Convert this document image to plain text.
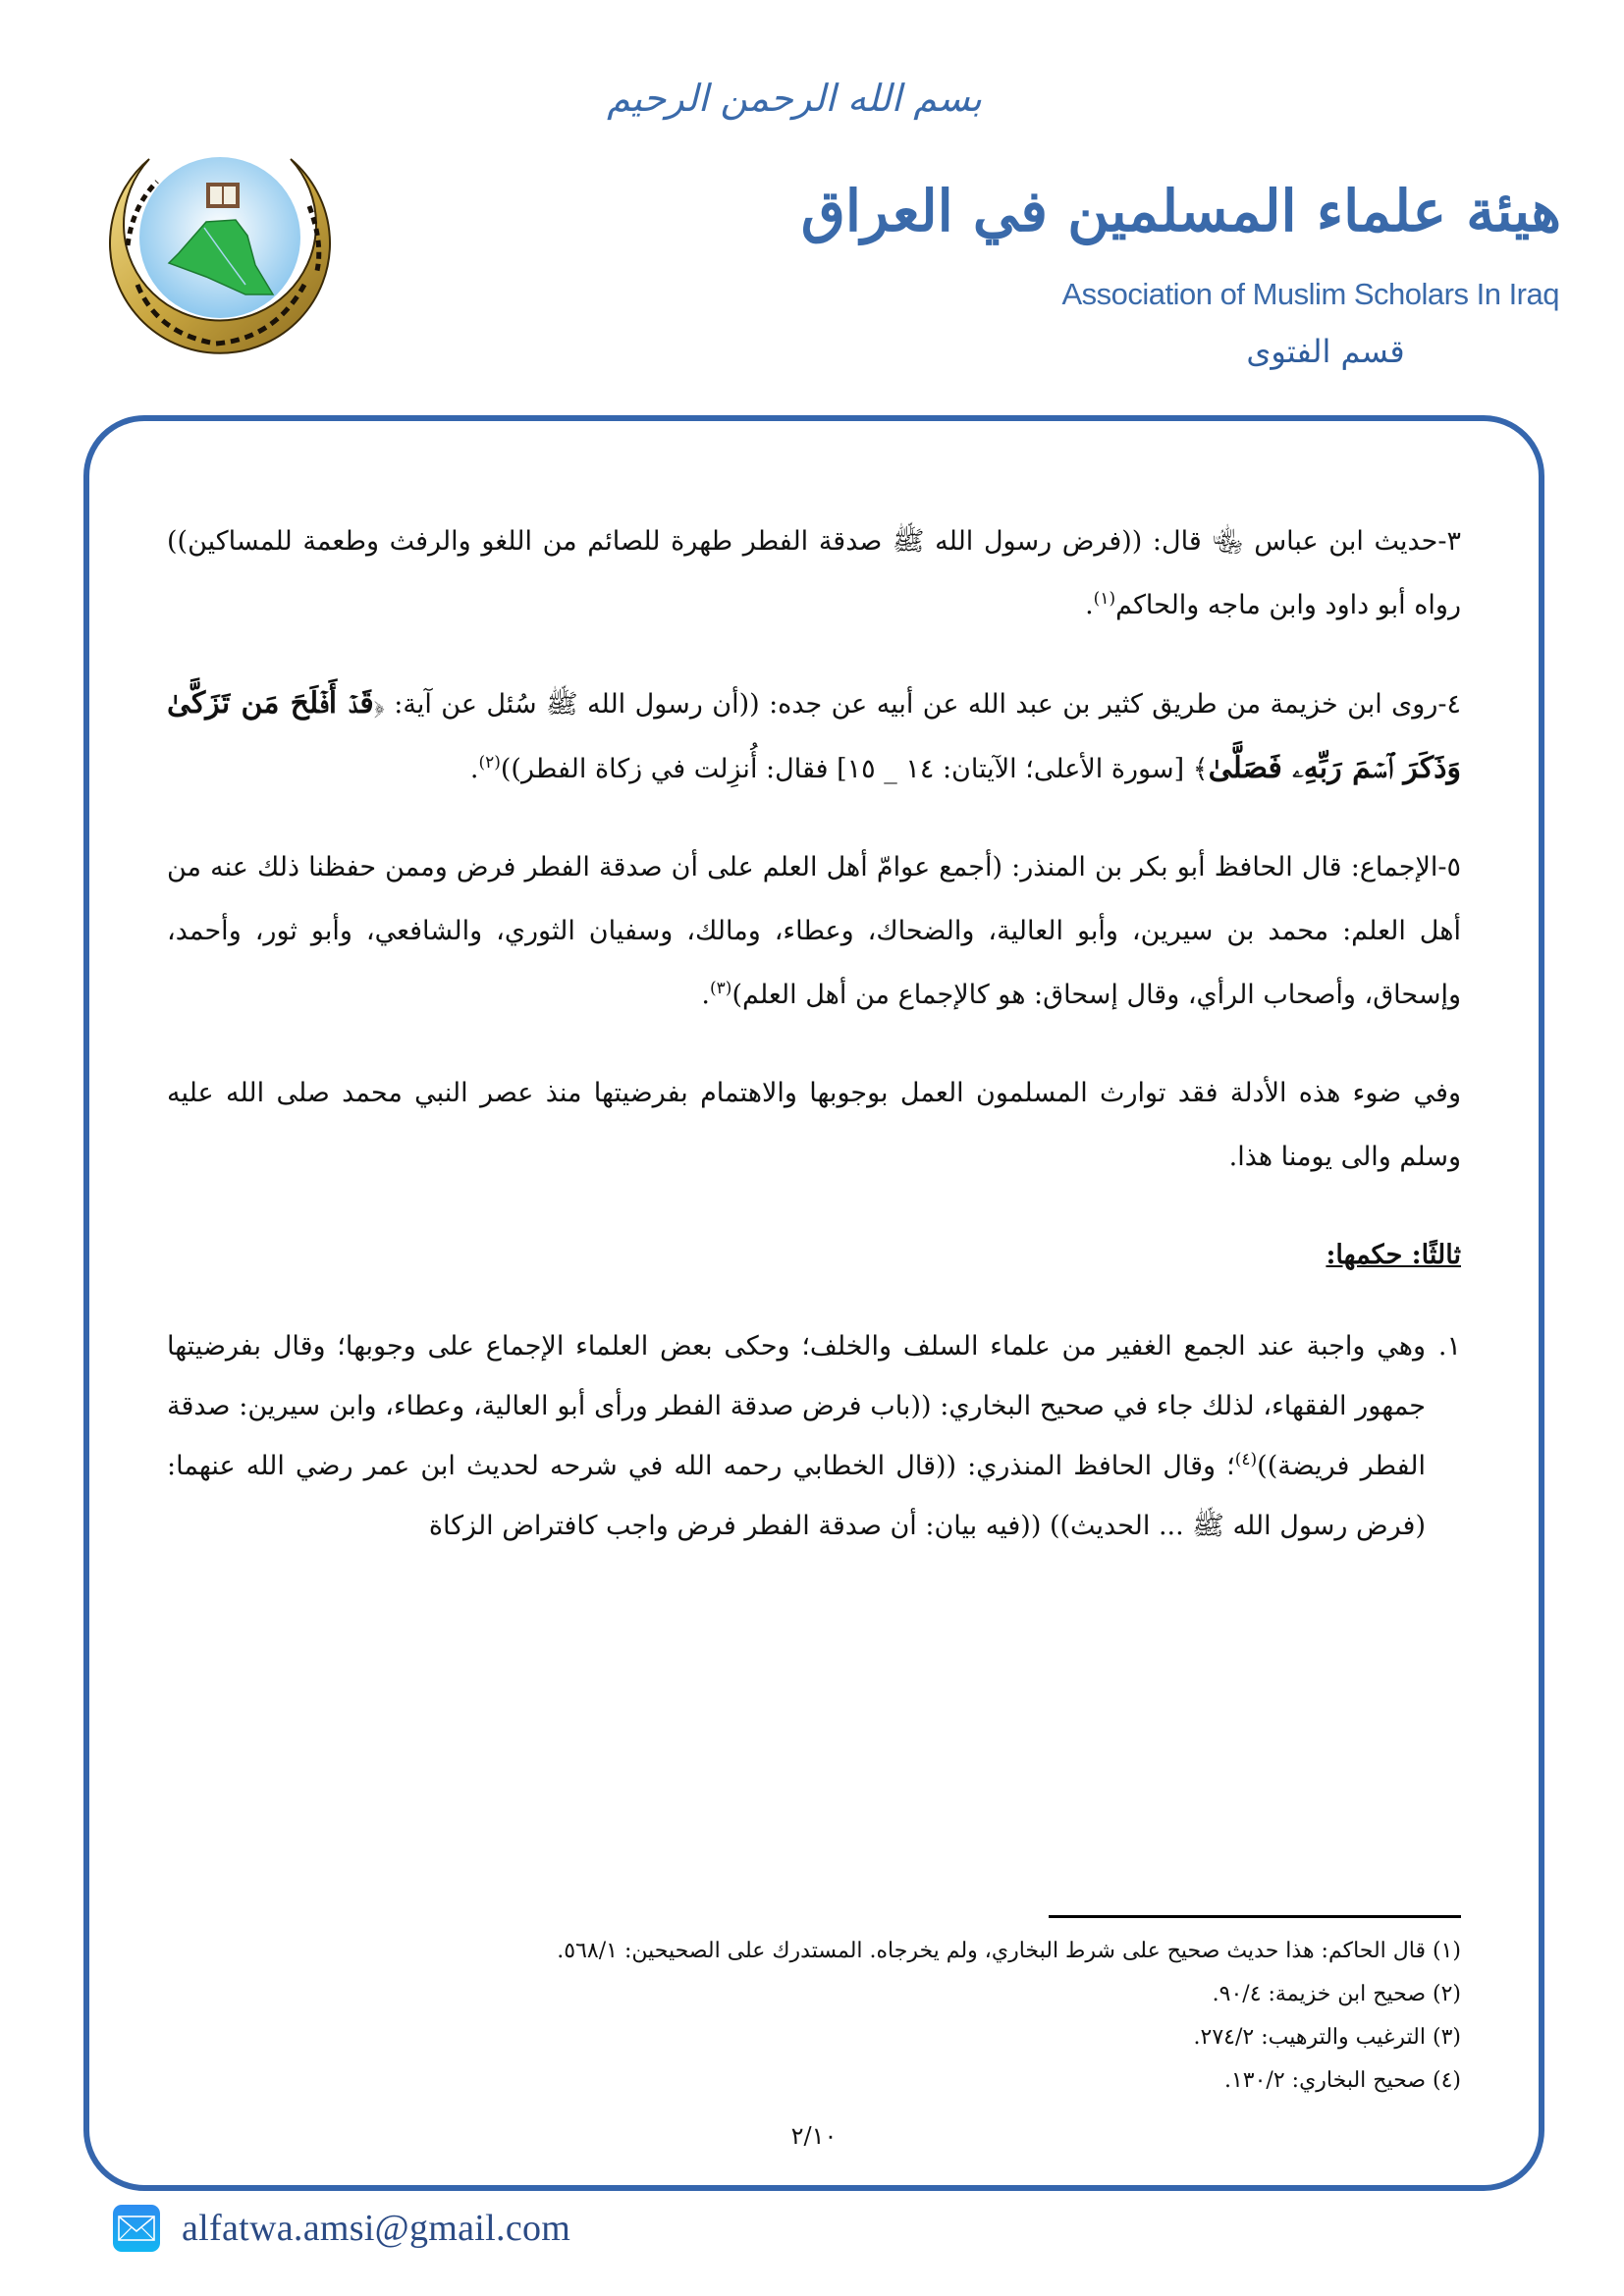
بسم الله الرحمن الرحيم
هيئة علماء المسلمين في العراق
Association of Muslim Scholars In Iraq
قسم الفتوى

٣-حديث ابن عباس ﵄ قال: ((فرض رسول الله ﷺ صدقة الفطر طهرة للصائم من اللغو والرفث وطعمة للمساكين)) رواه أبو داود وابن ماجه والحاكم$^{(١)}$.

٤-روى ابن خزيمة من طريق كثير بن عبد الله عن أبيه عن جده: ((أن رسول الله ﷺ سُئل عن آية: ﴿قَدۡ أَفۡلَحَ مَن تَزَكَّىٰ وَذَكَرَ ٱسۡمَ رَبِّهِۦ فَصَلَّىٰ﴾ [سورة الأعلى؛ الآيتان: ١٤ _ ١٥] فقال: أُنزِلت في زكاة الفطر))$^{(٢)}$.

٥-الإجماع: قال الحافظ أبو بكر بن المنذر: (أجمع عوامّ أهل العلم على أن صدقة الفطر فرض وممن حفظنا ذلك عنه من أهل العلم: محمد بن سيرين، وأبو العالية، والضحاك، وعطاء، ومالك، وسفيان الثوري، والشافعي، وأبو ثور، وأحمد، وإسحاق، وأصحاب الرأي، وقال إسحاق: هو كالإجماع من أهل العلم)$^{(٣)}$.

وفي ضوء هذه الأدلة فقد توارث المسلمون العمل بوجوبها والاهتمام بفرضيتها منذ عصر النبي محمد صلى الله عليه وسلم والى يومنا هذا.

ثالثًا: حكمها:

١.
وهي واجبة عند الجمع الغفير من علماء السلف والخلف؛ وحكى بعض العلماء الإجماع على وجوبها؛ وقال بفرضيتها جمهور الفقهاء، لذلك جاء في صحيح البخاري: ((باب فرض صدقة الفطر ورأى أبو العالية، وعطاء، وابن سيرين: صدقة الفطر فريضة))$^{(٤)}$؛ وقال الحافظ المنذري: ((قال الخطابي رحمه الله في شرحه لحديث ابن عمر رضي الله عنهما: (فرض رسول الله ﷺ ... الحديث)) ((فيه بيان: أن صدقة الفطر فرض واجب كافتراض الزكاة
(١) قال الحاكم: هذا حديث صحيح على شرط البخاري، ولم يخرجاه. المستدرك على الصحيحين: ٥٦٨/١.
(٢) صحيح ابن خزيمة: ٩٠/٤.
(٣) الترغيب والترهيب: ٢٧٤/٢.
(٤) صحيح البخاري: ١٣٠/٢.
٢/١٠
alfatwa.amsi@gmail.com
